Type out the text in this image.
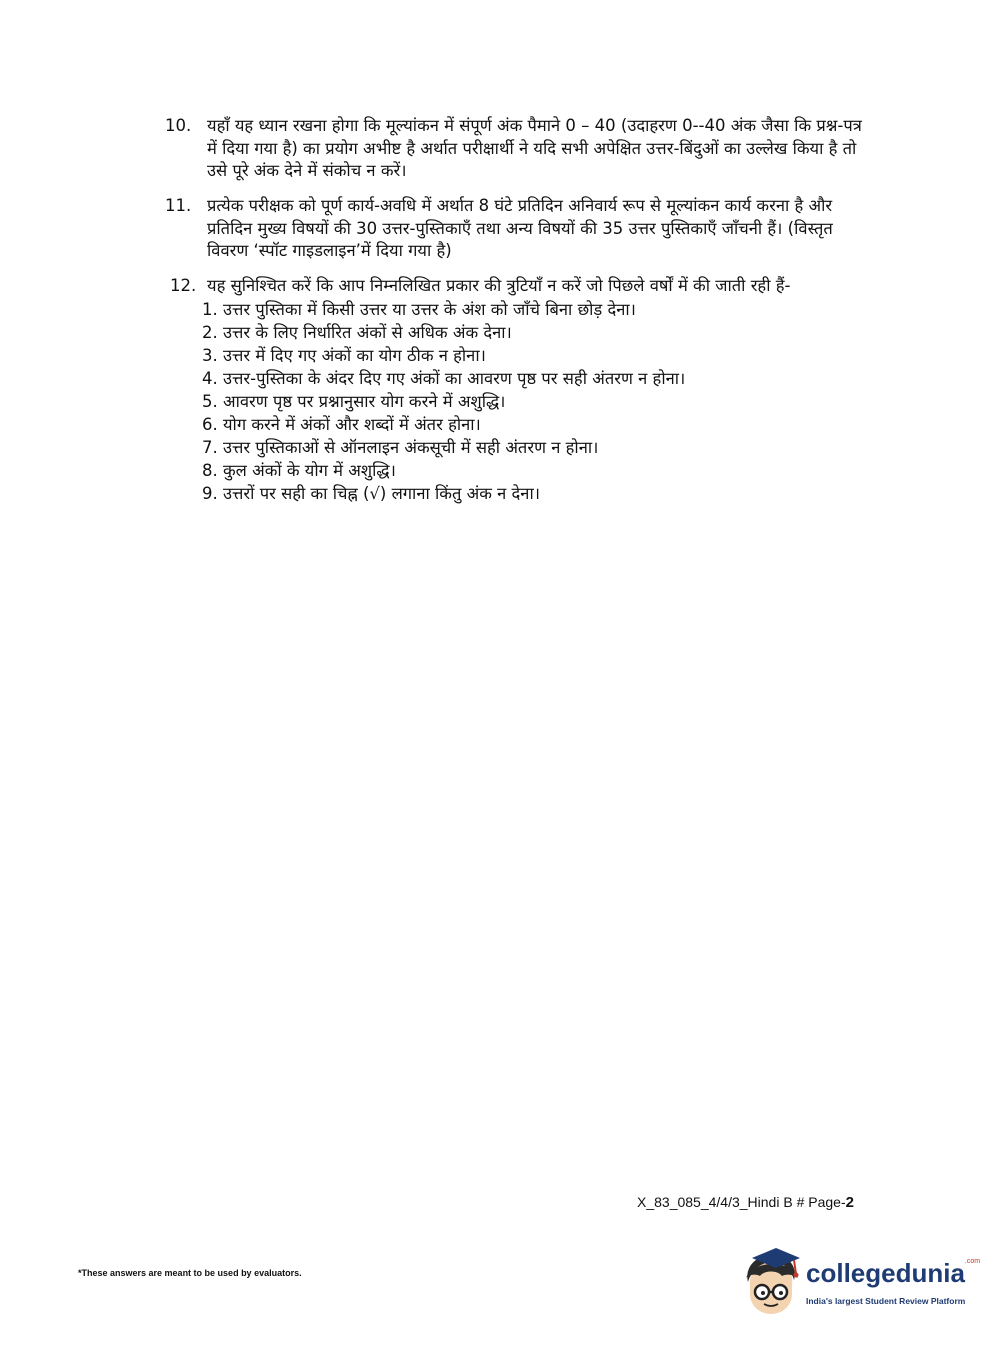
10. यहाँ यह ध्यान रखना होगा कि मूल्यांकन में संपूर्ण अंक पैमाने 0 – 40 (उदाहरण 0--40 अंक जैसा कि प्रश्न-पत्र में दिया गया है) का प्रयोग अभीष्ट है अर्थात परीक्षार्थी ने यदि सभी अपेक्षित उत्तर-बिंदुओं का उल्लेख किया है तो उसे पूरे अंक देने में संकोच न करें।
11. प्रत्येक परीक्षक को पूर्ण कार्य-अवधि में अर्थात 8 घंटे प्रतिदिन अनिवार्य रूप से मूल्यांकन कार्य करना है और प्रतिदिन मुख्य विषयों की 30 उत्तर-पुस्तिकाएँ तथा अन्य विषयों की 35 उत्तर पुस्तिकाएँ जाँचनी हैं। (विस्तृत विवरण ‘स्पॉट गाइडलाइन’में दिया गया है)
12. यह सुनिश्चित करें कि आप निम्नलिखित प्रकार की त्रुटियाँ न करें जो पिछले वर्षों में की जाती रही हैं-
1. उत्तर पुस्तिका में किसी उत्तर या उत्तर के अंश को जाँचे बिना छोड़ देना।
2. उत्तर के लिए निर्धारित अंकों से अधिक अंक देना।
3. उत्तर में दिए गए अंकों का योग ठीक न होना।
4. उत्तर-पुस्तिका के अंदर दिए गए अंकों का आवरण पृष्ठ पर सही अंतरण न होना।
5. आवरण पृष्ठ पर प्रश्नानुसार योग करने में अशुद्धि।
6. योग करने में अंकों और शब्दों में अंतर होना।
7. उत्तर पुस्तिकाओं से ऑनलाइन अंकसूची में सही अंतरण न होना।
8. कुल अंकों के योग में अशुद्धि।
9. उत्तरों पर सही का चिह्न (√) लगाना किंतु अंक न देना।
X_83_085_4/4/3_Hindi B # Page-2
*These answers are meant to be used by evaluators.	collegedunia$^{.com}$
India's largest Student Review Platform
